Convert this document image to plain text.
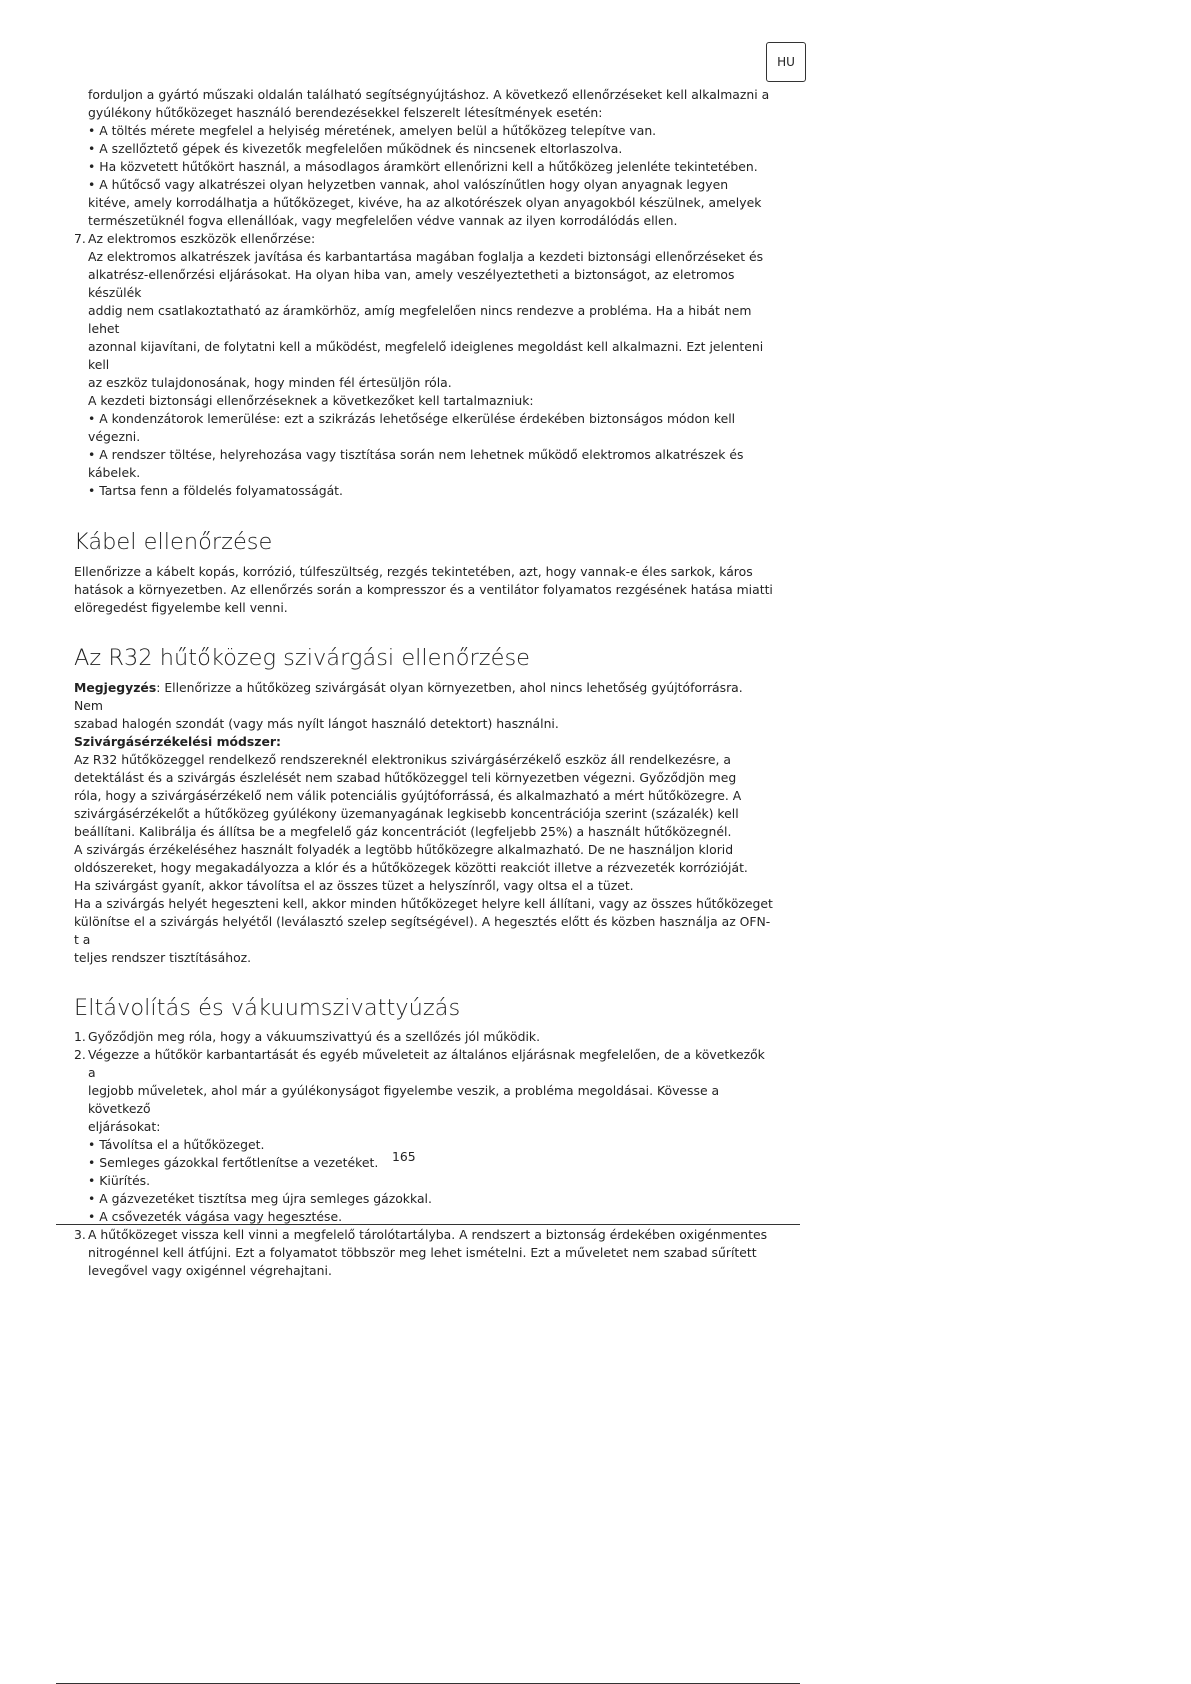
HU
forduljon a gyártó műszaki oldalán található segítségnyújtáshoz. A következő ellenőrzéseket kell alkalmazni a
gyúlékony hűtőközeget használó berendezésekkel felszerelt létesítmények esetén:
• A töltés mérete megfelel a helyiség méretének, amelyen belül a hűtőközeg telepítve van.
• A szellőztető gépek és kivezetők megfelelően működnek és nincsenek eltorlaszolva.
• Ha közvetett hűtőkört használ, a másodlagos áramkört ellenőrizni kell a hűtőközeg jelenléte tekintetében.
• A hűtőcső vagy alkatrészei olyan helyzetben vannak, ahol valószínűtlen hogy olyan anyagnak legyen
kitéve, amely korrodálhatja a hűtőközeget, kivéve, ha az alkotórészek olyan anyagokból készülnek, amelyek
természetüknél fogva ellenállóak, vagy megfelelően védve vannak az ilyen korrodálódás ellen.
7. Az elektromos eszközök ellenőrzése:
Az elektromos alkatrészek javítása és karbantartása magában foglalja a kezdeti biztonsági ellenőrzéseket és
alkatrész-ellenőrzési eljárásokat. Ha olyan hiba van, amely veszélyeztetheti a biztonságot, az eletromos készülék
addig nem csatlakoztatható az áramkörhöz, amíg megfelelően nincs rendezve a probléma. Ha a hibát nem lehet
azonnal kijavítani, de folytatni kell a működést, megfelelő ideiglenes megoldást kell alkalmazni. Ezt jelenteni kell
az eszköz tulajdonosának, hogy minden fél értesüljön róla.
A kezdeti biztonsági ellenőrzéseknek a következőket kell tartalmazniuk:
• A kondenzátorok lemerülése: ezt a szikrázás lehetősége elkerülése érdekében biztonságos módon kell
végezni.
• A rendszer töltése, helyrehozása vagy tisztítása során nem lehetnek működő elektromos alkatrészek és kábelek.
• Tartsa fenn a földelés folyamatosságát.
Kábel ellenőrzése
Ellenőrizze a kábelt kopás, korrózió, túlfeszültség, rezgés tekintetében, azt, hogy vannak-e éles sarkok, káros
hatások a környezetben. Az ellenőrzés során a kompresszor és a ventilátor folyamatos rezgésének hatása miatti
elöregedést figyelembe kell venni.
Az R32 hűtőközeg szivárgási ellenőrzése
Megjegyzés: Ellenőrizze a hűtőközeg szivárgását olyan környezetben, ahol nincs lehetőség gyújtóforrásra. Nem
szabad halogén szondát (vagy más nyílt lángot használó detektort) használni.
Szivárgásérzékelési módszer:
Az R32 hűtőközeggel rendelkező rendszereknél elektronikus szivárgásérzékelő eszköz áll rendelkezésre, a
detektálást és a szivárgás észlelését nem szabad hűtőközeggel teli környezetben végezni. Győződjön meg
róla, hogy a szivárgásérzékelő nem válik potenciális gyújtóforrássá, és alkalmazható a mért hűtőközegre. A
szivárgásérzékelőt a hűtőközeg gyúlékony üzemanyagának legkisebb koncentrációja szerint (százalék) kell
beállítani. Kalibrálja és állítsa be a megfelelő gáz koncentrációt (legfeljebb 25%) a használt hűtőközegnél.
A szivárgás érzékeléséhez használt folyadék a legtöbb hűtőközegre alkalmazható. De ne használjon klorid
oldószereket, hogy megakadályozza a klór és a hűtőközegek közötti reakciót illetve a rézvezeték korrózióját.
Ha szivárgást gyanít, akkor távolítsa el az összes tüzet a helyszínről, vagy oltsa el a tüzet.
Ha a szivárgás helyét hegeszteni kell, akkor minden hűtőközeget helyre kell állítani, vagy az összes hűtőközeget
különítse el a szivárgás helyétől (leválasztó szelep segítségével). A hegesztés előtt és közben használja az OFN-t a
teljes rendszer tisztításához.
Eltávolítás és vákuumszivattyúzás
1. Győződjön meg róla, hogy a vákuumszivattyú és a szellőzés jól működik.
2. Végezze a hűtőkör karbantartását és egyéb műveleteit az általános eljárásnak megfelelően, de a következők a
legjobb műveletek, ahol már a gyúlékonyságot figyelembe veszik, a probléma megoldásai. Kövesse a következő
eljárásokat:
• Távolítsa el a hűtőközeget.
• Semleges gázokkal fertőtlenítse a vezetéket.
• Kiürítés.
• A gázvezetéket tisztítsa meg újra semleges gázokkal.
• A csővezeték vágása vagy hegesztése.
3. A hűtőközeget vissza kell vinni a megfelelő tárolótartályba. A rendszert a biztonság érdekében oxigénmentes
nitrogénnel kell átfújni. Ezt a folyamatot többször meg lehet ismételni. Ezt a műveletet nem szabad sűrített
levegővel vagy oxigénnel végrehajtani.
165
